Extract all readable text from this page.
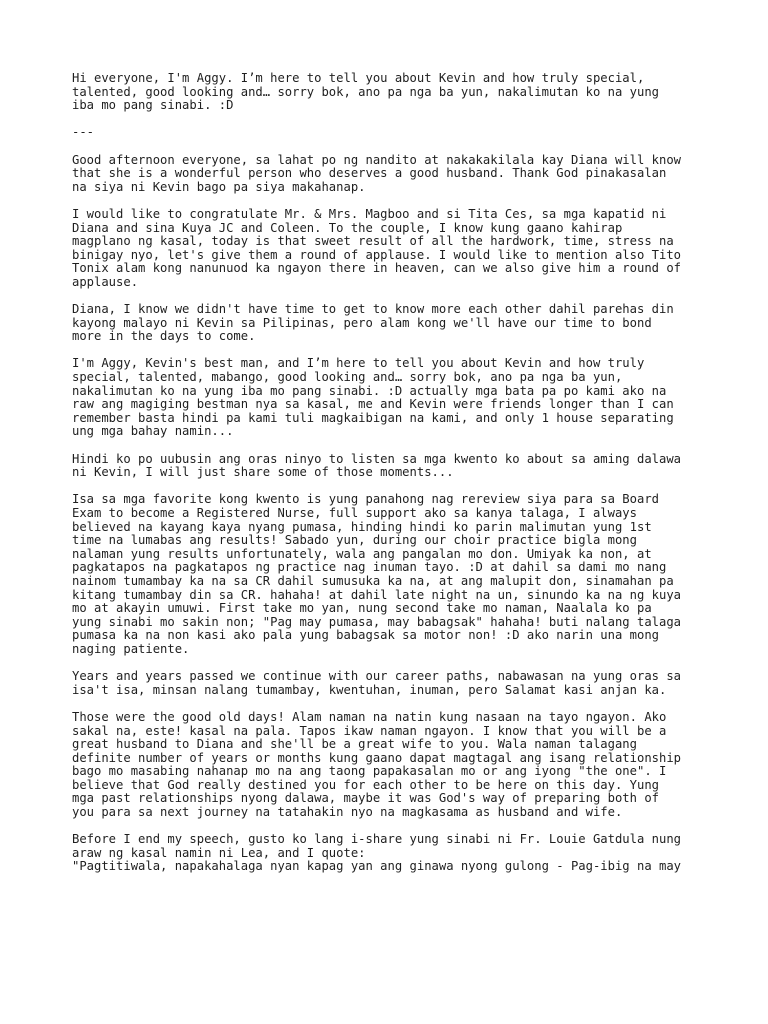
Hi everyone, I'm Aggy. I’m here to tell you about Kevin and how truly special,
talented, good looking and… sorry bok, ano pa nga ba yun, nakalimutan ko na yung
iba mo pang sinabi. :D

---

Good afternoon everyone, sa lahat po ng nandito at nakakakilala kay Diana will know
that she is a wonderful person who deserves a good husband. Thank God pinakasalan
na siya ni Kevin bago pa siya makahanap.

I would like to congratulate Mr. & Mrs. Magboo and si Tita Ces, sa mga kapatid ni
Diana and sina Kuya JC and Coleen. To the couple, I know kung gaano kahirap
magplano ng kasal, today is that sweet result of all the hardwork, time, stress na
binigay nyo, let's give them a round of applause. I would like to mention also Tito
Tonix alam kong nanunuod ka ngayon there in heaven, can we also give him a round of
applause.

Diana, I know we didn't have time to get to know more each other dahil parehas din
kayong malayo ni Kevin sa Pilipinas, pero alam kong we'll have our time to bond
more in the days to come.

I'm Aggy, Kevin's best man, and I’m here to tell you about Kevin and how truly
special, talented, mabango, good looking and… sorry bok, ano pa nga ba yun,
nakalimutan ko na yung iba mo pang sinabi. :D actually mga bata pa po kami ako na
raw ang magiging bestman nya sa kasal, me and Kevin were friends longer than I can
remember basta hindi pa kami tuli magkaibigan na kami, and only 1 house separating
ung mga bahay namin...

Hindi ko po uubusin ang oras ninyo to listen sa mga kwento ko about sa aming dalawa
ni Kevin, I will just share some of those moments...

Isa sa mga favorite kong kwento is yung panahong nag rereview siya para sa Board
Exam to become a Registered Nurse, full support ako sa kanya talaga, I always
believed na kayang kaya nyang pumasa, hinding hindi ko parin malimutan yung 1st
time na lumabas ang results! Sabado yun, during our choir practice bigla mong
nalaman yung results unfortunately, wala ang pangalan mo don. Umiyak ka non, at
pagkatapos na pagkatapos ng practice nag inuman tayo. :D at dahil sa dami mo nang
nainom tumambay ka na sa CR dahil sumusuka ka na, at ang malupit don, sinamahan pa
kitang tumambay din sa CR. hahaha! at dahil late night na un, sinundo ka na ng kuya
mo at akayin umuwi. First take mo yan, nung second take mo naman, Naalala ko pa
yung sinabi mo sakin non; "Pag may pumasa, may babagsak" hahaha! buti nalang talaga
pumasa ka na non kasi ako pala yung babagsak sa motor non! :D ako narin una mong
naging patiente.

Years and years passed we continue with our career paths, nabawasan na yung oras sa
isa't isa, minsan nalang tumambay, kwentuhan, inuman, pero Salamat kasi anjan ka.

Those were the good old days! Alam naman na natin kung nasaan na tayo ngayon. Ako
sakal na, este! kasal na pala. Tapos ikaw naman ngayon. I know that you will be a
great husband to Diana and she'll be a great wife to you. Wala naman talagang
definite number of years or months kung gaano dapat magtagal ang isang relationship
bago mo masabing nahanap mo na ang taong papakasalan mo or ang iyong "the one". I
believe that God really destined you for each other to be here on this day. Yung
mga past relationships nyong dalawa, maybe it was God's way of preparing both of
you para sa next journey na tatahakin nyo na magkasama as husband and wife.

Before I end my speech, gusto ko lang i-share yung sinabi ni Fr. Louie Gatdula nung
araw ng kasal namin ni Lea, and I quote:
"Pagtitiwala, napakahalaga nyan kapag yan ang ginawa nyong gulong - Pag-ibig na may
